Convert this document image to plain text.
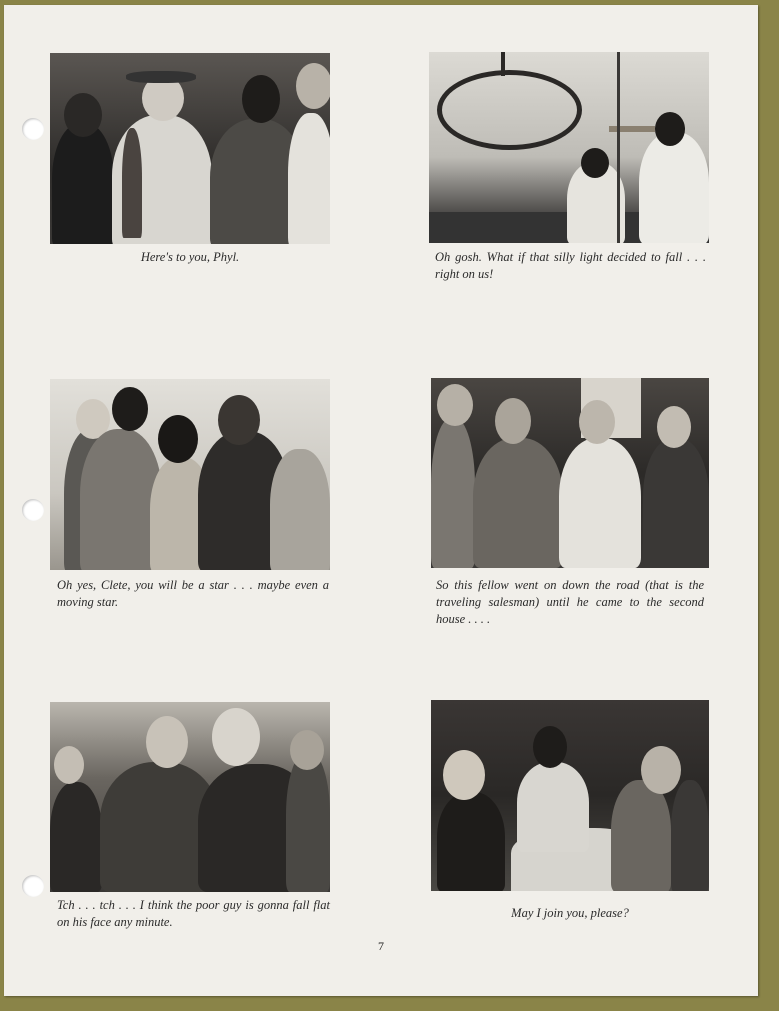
Here's to you, Phyl.	Oh gosh. What if that silly light decided to fall . . . right on us!
Oh yes, Clete, you will be a star . . . maybe even a moving star.
So this fellow went on down the road (that is the traveling salesman) until he came to the second house . . . .
Tch . . . tch . . . I think the poor guy is gonna fall flat on his face any minute.
May I join you, please?
7
